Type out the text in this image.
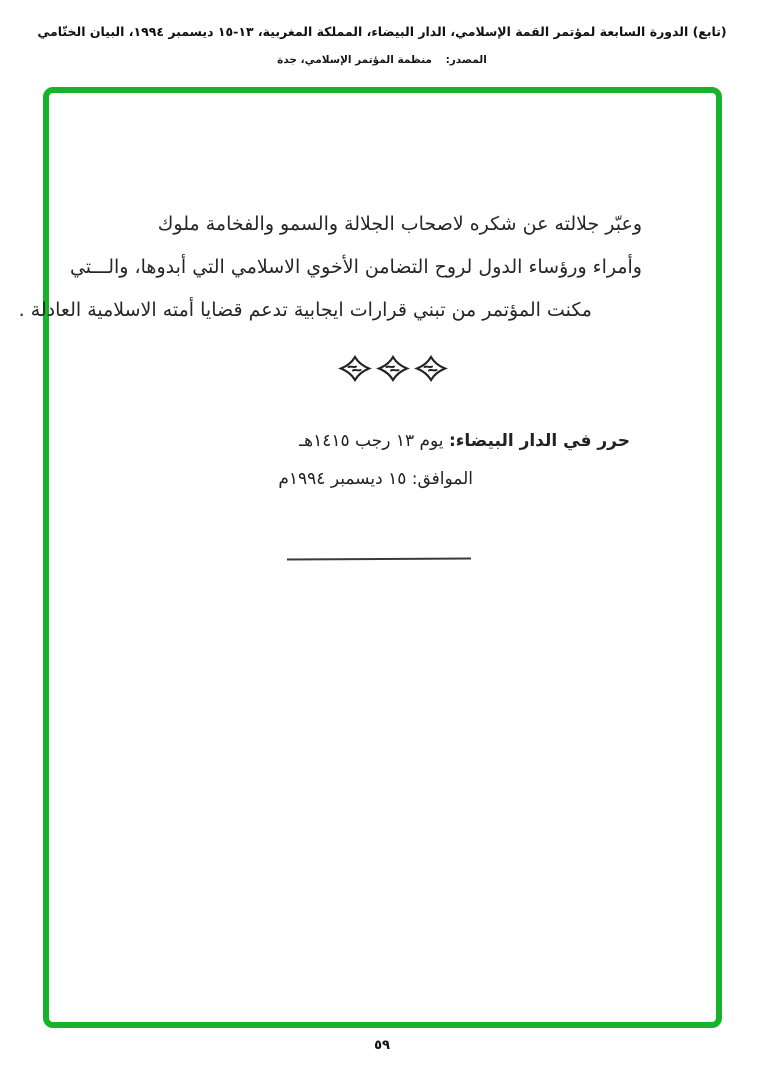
(تابع) الدورة السابعة لمؤتمر القمة الإسلامي، الدار البيضاء، المملكة المغربية، ١٣-١٥ ديسمبر ١٩٩٤، البيان الختّامي
المصدر: منظمة المؤتمر الإسلامي، جدة
وعبّر جلالته عن شكره لاصحاب الجلالة والسمو والفخامة ملوك
وأمراء ورؤساء الدول لروح التضامن الأخوي الاسلامي التي أبدوها، والـــتي
مكنت المؤتمر من تبني قرارات ايجابية تدعم قضايا أمته الاسلامية العادلة .
حرر في الدار البيضاء: يوم ١٣ رجب ١٤١٥هـ
الموافق: ١٥ ديسمبر ١٩٩٤م
٥٩
